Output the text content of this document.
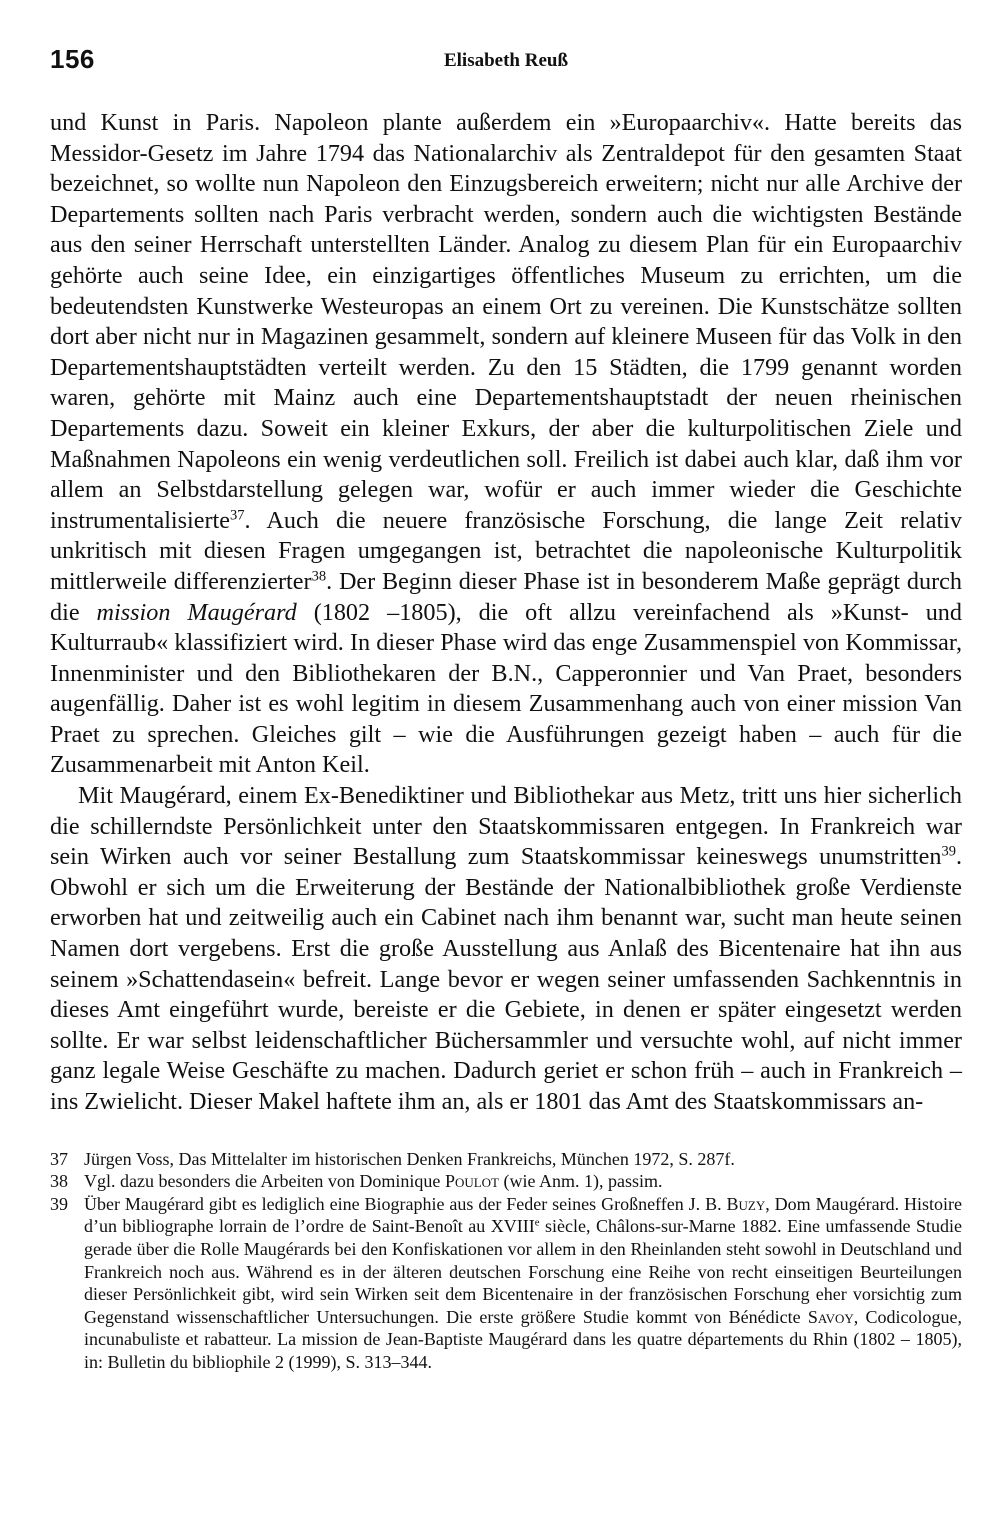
156	Elisabeth Reuß

und Kunst in Paris. Napoleon plante außerdem ein »Europaarchiv«. Hatte bereits das Messidor-Gesetz im Jahre 1794 das Nationalarchiv als Zentraldepot für den gesamten Staat bezeichnet, so wollte nun Napoleon den Einzugsbereich erweitern; nicht nur alle Archive der Departements sollten nach Paris verbracht werden, sondern auch die wichtigsten Bestände aus den seiner Herrschaft unterstellten Länder. Analog zu diesem Plan für ein Europaarchiv gehörte auch seine Idee, ein einzigartiges öffentliches Museum zu errichten, um die bedeutendsten Kunstwerke Westeuropas an einem Ort zu vereinen. Die Kunstschätze sollten dort aber nicht nur in Magazinen gesammelt, sondern auf kleinere Museen für das Volk in den Departementshauptstädten verteilt werden. Zu den 15 Städten, die 1799 genannt worden waren, gehörte mit Mainz auch eine Departementshauptstadt der neuen rheinischen Departements dazu. Soweit ein kleiner Exkurs, der aber die kulturpolitischen Ziele und Maßnahmen Napoleons ein wenig verdeutlichen soll. Freilich ist dabei auch klar, daß ihm vor allem an Selbstdarstellung gelegen war, wofür er auch immer wieder die Geschichte instrumentalisierte$^{37}$. Auch die neuere französische Forschung, die lange Zeit relativ unkritisch mit diesen Fragen umgegangen ist, betrachtet die napoleonische Kulturpolitik mittlerweile differenzierter$^{38}$. Der Beginn dieser Phase ist in besonderem Maße geprägt durch die mission Maugérard (1802 –1805), die oft allzu vereinfachend als »Kunst- und Kulturraub« klassifiziert wird. In dieser Phase wird das enge Zusammenspiel von Kommissar, Innenminister und den Bibliothekaren der B.N., Capperonnier und Van Praet, besonders augenfällig. Daher ist es wohl legitim in diesem Zusammenhang auch von einer mission Van Praet zu sprechen. Gleiches gilt – wie die Ausführungen gezeigt haben – auch für die Zusammenarbeit mit Anton Keil.

Mit Maugérard, einem Ex-Benediktiner und Bibliothekar aus Metz, tritt uns hier sicherlich die schillerndste Persönlichkeit unter den Staatskommissaren entgegen. In Frankreich war sein Wirken auch vor seiner Bestallung zum Staatskommissar keineswegs unumstritten$^{39}$. Obwohl er sich um die Erweiterung der Bestände der Nationalbibliothek große Verdienste erworben hat und zeitweilig auch ein Cabinet nach ihm benannt war, sucht man heute seinen Namen dort vergebens. Erst die große Ausstellung aus Anlaß des Bicentenaire hat ihn aus seinem »Schattendasein« befreit. Lange bevor er wegen seiner umfassenden Sachkenntnis in dieses Amt eingeführt wurde, bereiste er die Gebiete, in denen er später eingesetzt werden sollte. Er war selbst leidenschaftlicher Büchersammler und versuchte wohl, auf nicht immer ganz legale Weise Geschäfte zu machen. Dadurch geriet er schon früh – auch in Frankreich – ins Zwielicht. Dieser Makel haftete ihm an, als er 1801 das Amt des Staatskommissars an-

37 Jürgen Voss, Das Mittelalter im historischen Denken Frankreichs, München 1972, S. 287f.
38 Vgl. dazu besonders die Arbeiten von Dominique Poulot (wie Anm. 1), passim.
39 Über Maugérard gibt es lediglich eine Biographie aus der Feder seines Großneffen J. B. Buzy, Dom Maugérard. Histoire d’un bibliographe lorrain de l’ordre de Saint-Benoît au XVIIIe siècle, Châlons-sur-Marne 1882. Eine umfassende Studie gerade über die Rolle Maugérards bei den Konfiskationen vor allem in den Rheinlanden steht sowohl in Deutschland und Frankreich noch aus. Während es in der älteren deutschen Forschung eine Reihe von recht einseitigen Beurteilungen dieser Persönlichkeit gibt, wird sein Wirken seit dem Bicentenaire in der französischen Forschung eher vorsichtig zum Gegenstand wissenschaftlicher Untersuchungen. Die erste größere Studie kommt von Bénédicte Savoy, Codicologue, incunabuliste et rabatteur. La mission de Jean-Baptiste Maugérard dans les quatre départements du Rhin (1802 – 1805), in: Bulletin du bibliophile 2 (1999), S. 313–344.
